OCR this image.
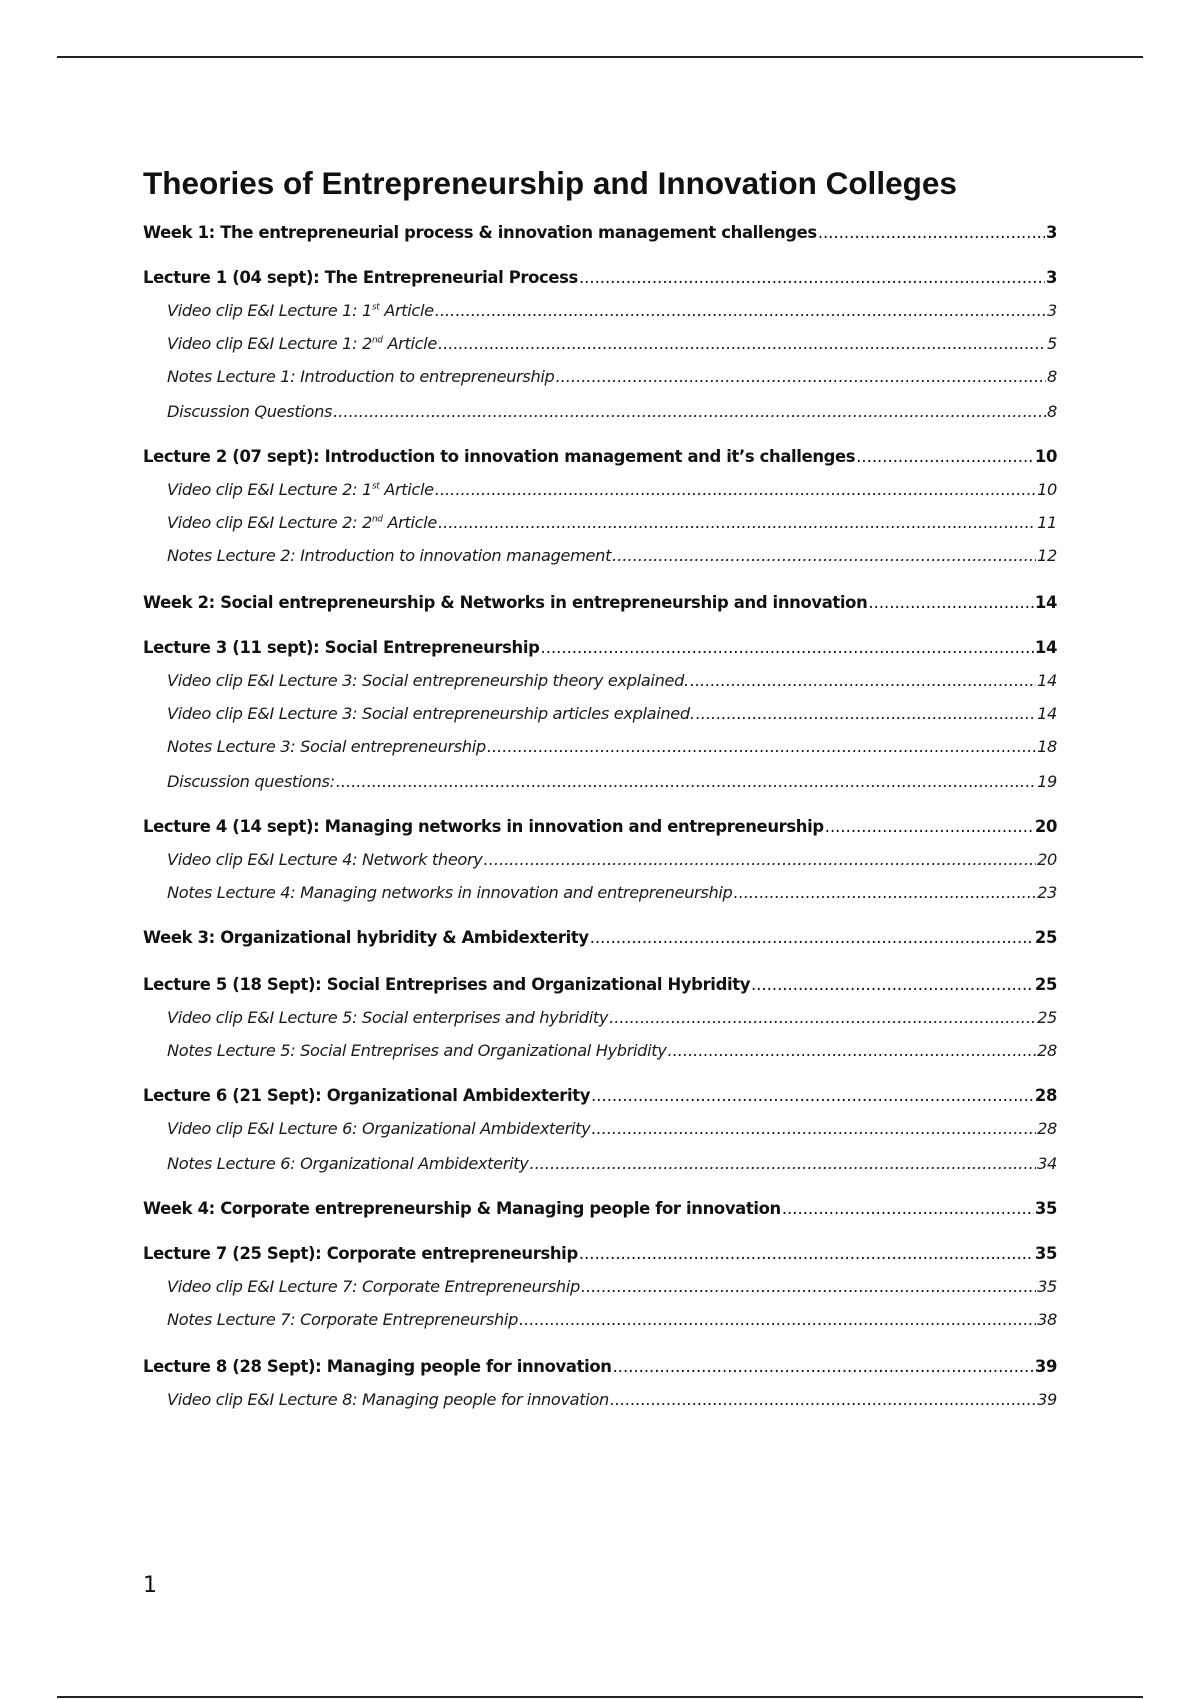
Theories of Entrepreneurship and Innovation Colleges
Week 1: The entrepreneurial process & innovation management challenges .....	3
Lecture 1 (04 sept): The Entrepreneurial Process .....	3
Video clip E&I Lecture 1: 1st Article .....	3
Video clip E&I Lecture 1: 2nd Article .....	5
Notes Lecture 1: Introduction to entrepreneurship .....	8
Discussion Questions .....	8
Lecture 2 (07 sept): Introduction to innovation management and it’s challenges .....	10
Video clip E&I Lecture 2: 1st Article .....	10
Video clip E&I Lecture 2: 2nd Article .....	11
Notes Lecture 2: Introduction to innovation management .....	12
Week 2: Social entrepreneurship & Networks in entrepreneurship and innovation .....	14
Lecture 3 (11 sept): Social Entrepreneurship .....	14
Video clip E&I Lecture 3: Social entrepreneurship theory explained. .....	14
Video clip E&I Lecture 3: Social entrepreneurship articles explained. .....	14
Notes Lecture 3: Social entrepreneurship .....	18
Discussion questions: .....	19
Lecture 4 (14 sept): Managing networks in innovation and entrepreneurship .....	20
Video clip E&I Lecture 4: Network theory .....	20
Notes Lecture 4: Managing networks in innovation and entrepreneurship .....	23
Week 3: Organizational hybridity & Ambidexterity .....	25
Lecture 5 (18 Sept): Social Entreprises and Organizational Hybridity .....	25
Video clip E&I Lecture 5: Social enterprises and hybridity .....	25
Notes Lecture 5: Social Entreprises and Organizational Hybridity .....	28
Lecture 6 (21 Sept): Organizational Ambidexterity .....	28
Video clip E&I Lecture 6: Organizational Ambidexterity .....	28
Notes Lecture 6: Organizational Ambidexterity .....	34
Week 4: Corporate entrepreneurship & Managing people for innovation .....	35
Lecture 7 (25 Sept): Corporate entrepreneurship .....	35
Video clip E&I Lecture 7: Corporate Entrepreneurship .....	35
Notes Lecture 7: Corporate Entrepreneurship .....	38
Lecture 8 (28 Sept): Managing people for innovation .....	39
Video clip E&I Lecture 8: Managing people for innovation .....	39
1
